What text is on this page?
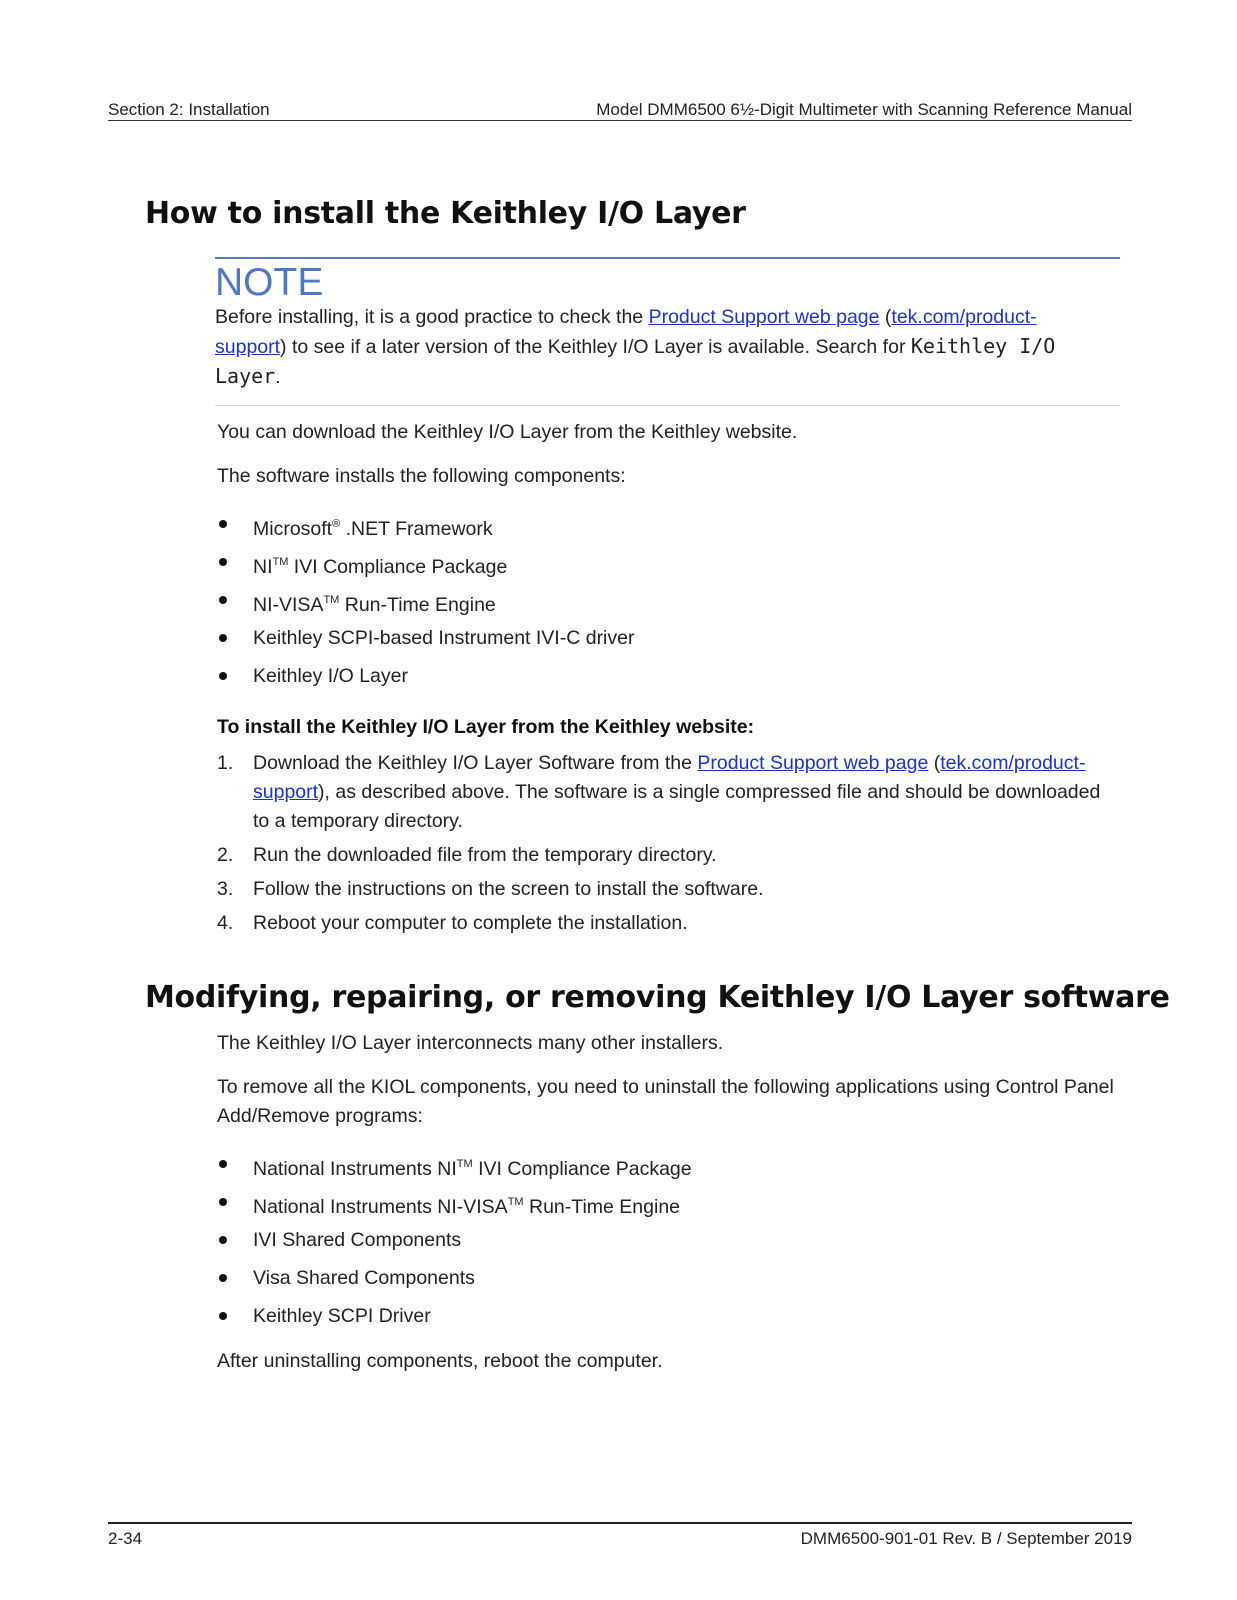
Section 2: Installation	Model DMM6500 6½-Digit Multimeter with Scanning Reference Manual
How to install the Keithley I/O Layer
NOTE
Before installing, it is a good practice to check the Product Support web page (tek.com/product-support) to see if a later version of the Keithley I/O Layer is available. Search for Keithley I/O Layer.

You can download the Keithley I/O Layer from the Keithley website.

The software installs the following components:

Microsoft® .NET Framework
NI™ IVI Compliance Package
NI-VISA™ Run-Time Engine
Keithley SCPI-based Instrument IVI-C driver
Keithley I/O Layer
To install the Keithley I/O Layer from the Keithley website:
1. Download the Keithley I/O Layer Software from the Product Support web page (tek.com/product-support), as described above. The software is a single compressed file and should be downloaded to a temporary directory.
2. Run the downloaded file from the temporary directory.
3. Follow the instructions on the screen to install the software.
4. Reboot your computer to complete the installation.
Modifying, repairing, or removing Keithley I/O Layer software

The Keithley I/O Layer interconnects many other installers.

To remove all the KIOL components, you need to uninstall the following applications using Control Panel Add/Remove programs:

National Instruments NI™ IVI Compliance Package
National Instruments NI-VISA™ Run-Time Engine
IVI Shared Components
Visa Shared Components
Keithley SCPI Driver

After uninstalling components, reboot the computer.

2-34	DMM6500-901-01 Rev. B / September 2019
